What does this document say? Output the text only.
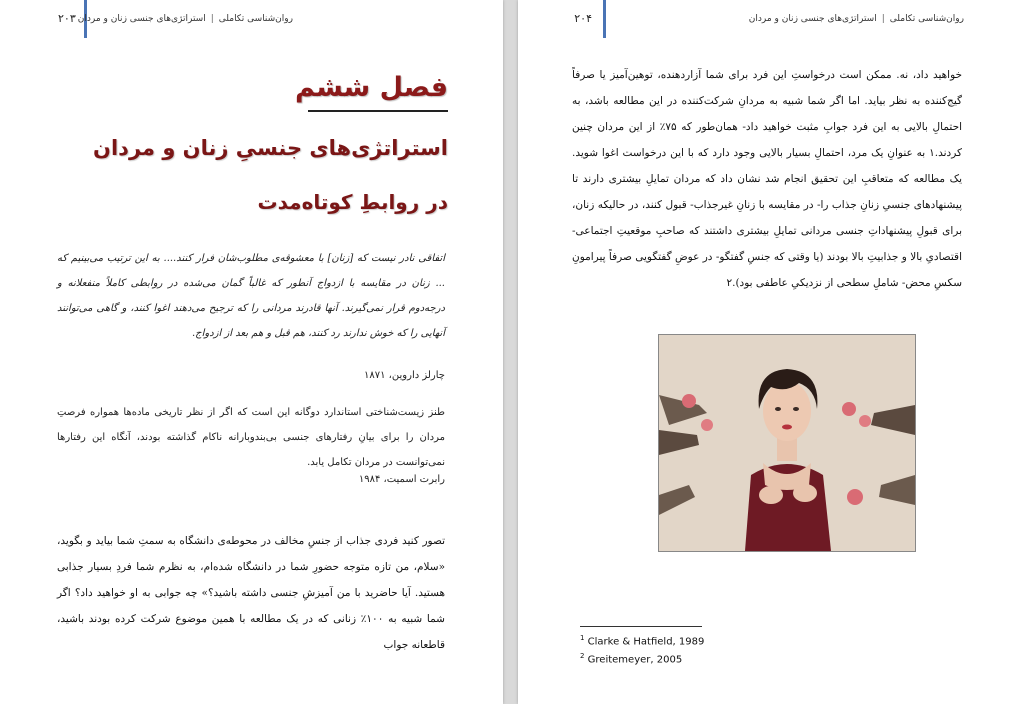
۲۰۳	روان‌شناسی تکاملی|استراتژی‌های جنسی زنان و مردان
فصل ششم
استراتژی‌های جنسیِ زنان و مردان
در روابطِ کوتاه‌مدت
اتفاقی نادر نیست که [زنان] با معشوقه‌ی مطلوب‌شان فرار کنند.... به این ترتیب می‌بینیم که ... زنان در مقایسه با ازدواج آنطور که غالباً گمان می‌شده در روابطی کاملاً منفعلانه و درجه‌دوم قرار نمی‌گیرند. آنها قادرند مردانی را که ترجیح می‌دهند اغوا کنند، و گاهی می‌توانند آنهایی را که خوش ندارند رد کنند، هم قبل و هم بعد از ازدواج.
چارلز داروین، ۱۸۷۱
طنز زیست‌شناختی استاندارد دوگانه این است که اگر از نظر تاریخی ماده‌ها همواره فرصتِ مردان را برای بیانِ رفتارهای جنسی بی‌بندوبارانه ناکام گذاشته بودند، آنگاه این رفتارها نمی‌توانست در مردان تکامل یابد.
رابرت اسمیت، ۱۹۸۴

تصور کنید فردی جذاب از جنسِ مخالف در محوطه‌ی دانشگاه به سمتِ شما بیاید و بگوید، «سلام، من تازه متوجه حضورِ شما در دانشگاه شده‌ام، به نظرم شما فردِ بسیار جذابی هستید. آیا حاضرید با من آمیزشِ جنسی داشته باشید؟» چه جوابی به او خواهید داد؟ اگر شما شبیه به ۱۰۰٪ زنانی که در یک مطالعه با همین موضوع شرکت کرده بودند باشید، قاطعانه جواب

۲۰۴	روان‌شناسی تکاملی|استراتژی‌های جنسی زنان و مردان

خواهید داد، نه. ممکن است درخواستِ این فرد برای شما آزاردهنده، توهین‌آمیز یا صرفاً گیج‌کننده به نظر بیاید. اما اگر شما شبیه به مردانِ شرکت‌کننده در این مطالعه باشد، به احتمالِ بالایی به این فرد جوابِ مثبت خواهید داد- همان‌طور که ۷۵٪ از این مردان چنین کردند.۱ به عنوانِ یک مرد، احتمالِ بسیار بالایی وجود دارد که با این درخواست اغوا شوید. یک مطالعه که متعاقبِ این تحقیق انجام شد نشان داد که مردان تمایلِ بیشتری دارند تا پیشنهادهای جنسیِ زنانِ جذاب را- در مقایسه با زنانِ غیرجذاب- قبول کنند، در حالیکه زنان، برای قبولِ پیشنهاداتِ جنسی مردانی تمایلِ بیشتری داشتند که صاحبِ موقعیتِ اجتماعی-اقتصادیِ بالا و جذابیتِ بالا بودند (یا وقتی که جنسِ گفتگو- در عوضِ گفتگویی صرفاً پیرامونِ سکسِ محض- شاملِ سطحی از نزدیکیِ عاطفی بود).۲

$^1$ Clarke & Hatfield, 1989
$^2$ Greitemeyer, 2005
